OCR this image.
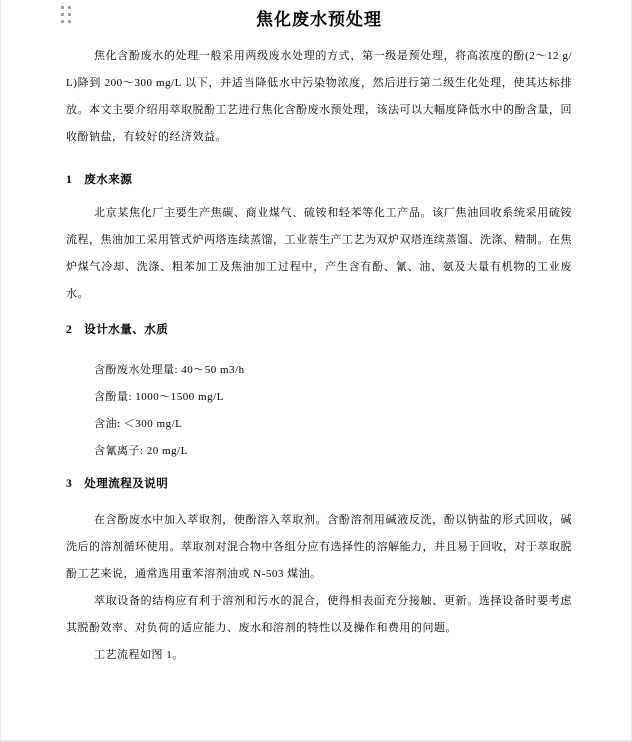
焦化废水预处理

焦化含酚废水的处理一般采用两级废水处理的方式，第一级是预处理，将高浓度的酚(2～12 g/L)降到 200～300 mg/L 以下，并适当降低水中污染物浓度，然后进行第二级生化处理，使其达标排放。本文主要介绍用萃取脱酚工艺进行焦化含酚废水预处理，该法可以大幅度降低水中的酚含量，回收酚钠盐，有较好的经济效益。

1　废水来源

北京某焦化厂主要生产焦碳、商业煤气、硫铵和轻苯等化工产品。该厂焦油回收系统采用硫铵流程，焦油加工采用管式炉两塔连续蒸馏，工业萘生产工艺为双炉双塔连续蒸馏、洗涤、精制。在焦炉煤气冷却、洗涤、粗苯加工及焦油加工过程中，产生含有酚、氰、油、氨及大量有机物的工业废水。

2　设计水量、水质

含酚废水处理量: 40～50 m3/h

含酚量: 1000～1500 mg/L

含油: ＜300 mg/L

含氰离子: 20 mg/L

3　处理流程及说明

在含酚废水中加入萃取剂，使酚溶入萃取剂。含酚溶剂用碱液反洗，酚以钠盐的形式回收，碱洗后的溶剂循环使用。萃取剂对混合物中各组分应有选择性的溶解能力，并且易于回收，对于萃取脱酚工艺来说，通常选用重苯溶剂油或 N-503 煤油。

萃取设备的结构应有利于溶剂和污水的混合，使得相表面充分接触、更新。选择设备时要考虑其脱酚效率、对负荷的适应能力、废水和溶剂的特性以及操作和费用的问题。

工艺流程如图 1。
